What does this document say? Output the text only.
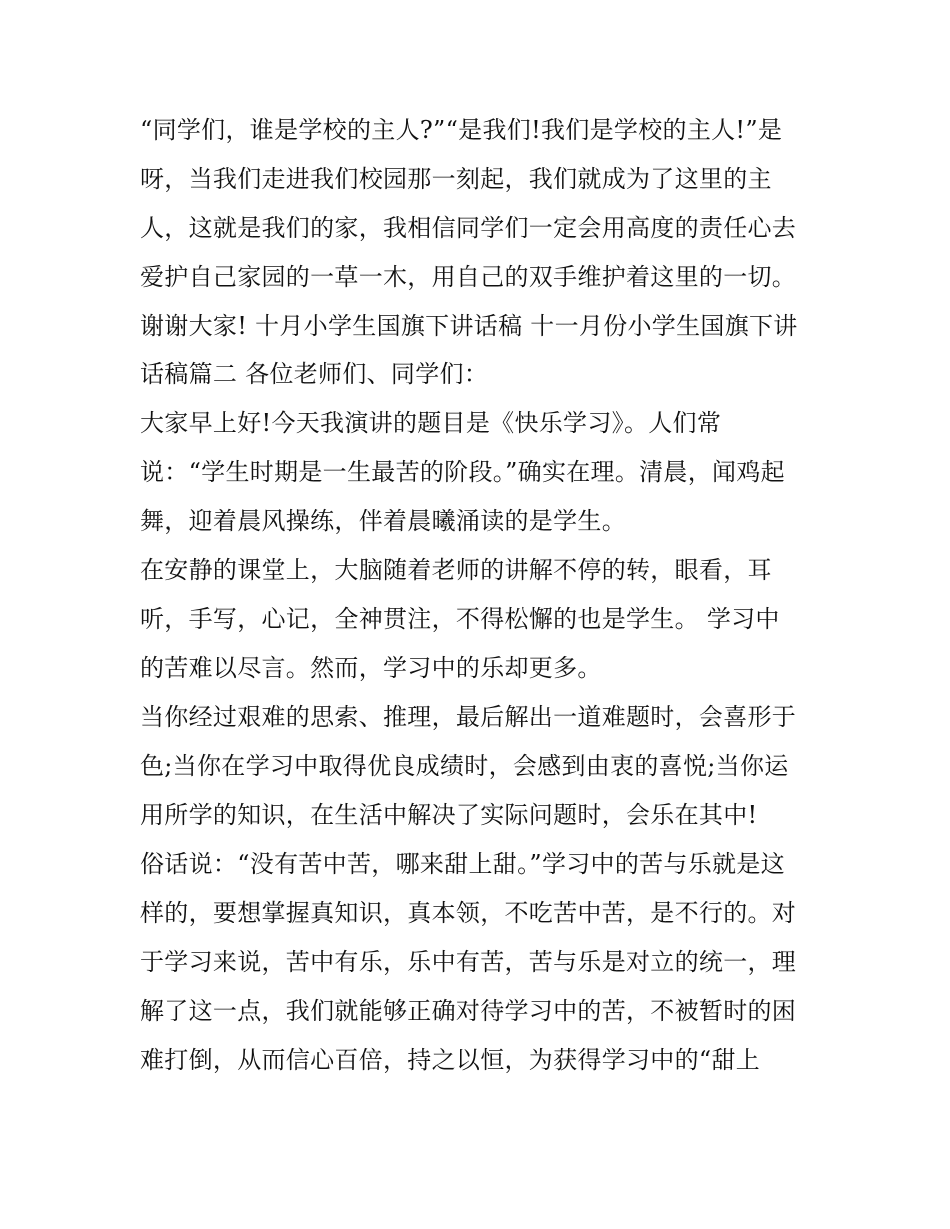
“同学们，谁是学校的主人?”“是我们!我们是学校的主人!”是
呀，当我们走进我们校园那一刻起，我们就成为了这里的主
人，这就是我们的家，我相信同学们一定会用高度的责任心去
爱护自己家园的一草一木，用自己的双手维护着这里的一切。
谢谢大家! 十月小学生国旗下讲话稿 十一月份小学生国旗下讲
话稿篇二 各位老师们、同学们：
大家早上好!今天我演讲的题目是《快乐学习》。人们常
说：“学生时期是一生最苦的阶段。”确实在理。清晨，闻鸡起
舞，迎着晨风操练，伴着晨曦涌读的是学生。
在安静的课堂上，大脑随着老师的讲解不停的转，眼看，耳
听，手写，心记，全神贯注，不得松懈的也是学生。 学习中
的苦难以尽言。然而，学习中的乐却更多。
当你经过艰难的思索、推理，最后解出一道难题时，会喜形于
色;当你在学习中取得优良成绩时，会感到由衷的喜悦;当你运
用所学的知识，在生活中解决了实际问题时，会乐在其中!
俗话说：“没有苦中苦，哪来甜上甜。”学习中的苦与乐就是这
样的，要想掌握真知识，真本领，不吃苦中苦，是不行的。对
于学习来说，苦中有乐，乐中有苦，苦与乐是对立的统一，理
解了这一点，我们就能够正确对待学习中的苦，不被暂时的困
难打倒，从而信心百倍，持之以恒，为获得学习中的“甜上
